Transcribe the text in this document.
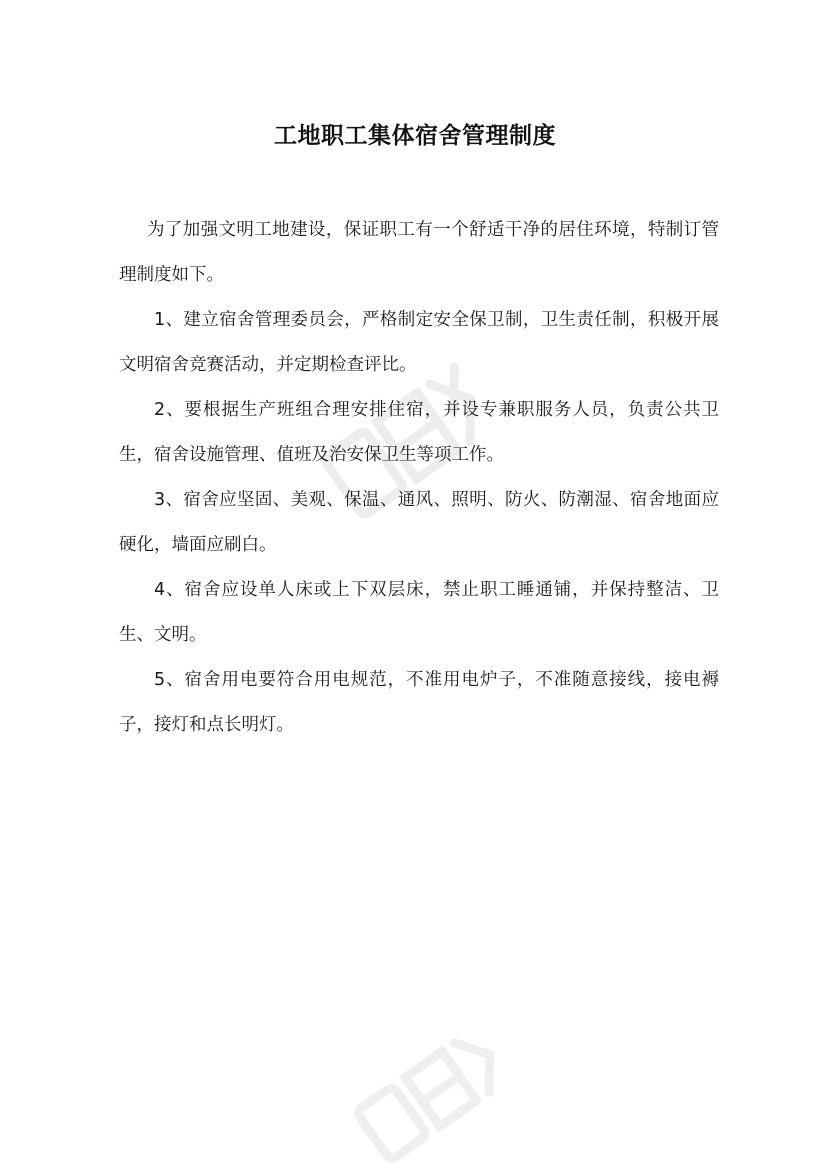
工地职工集体宿舍管理制度

为了加强文明工地建设，保证职工有一个舒适干净的居住环境，特制订管理制度如下。

1、建立宿舍管理委员会，严格制定安全保卫制，卫生责任制，积极开展文明宿舍竞赛活动，并定期检查评比。

2、要根据生产班组合理安排住宿，并设专兼职服务人员，负责公共卫生，宿舍设施管理、值班及治安保卫生等项工作。

3、宿舍应坚固、美观、保温、通风、照明、防火、防潮湿、宿舍地面应硬化，墙面应刷白。

4、宿舍应设单人床或上下双层床，禁止职工睡通铺，并保持整洁、卫生、文明。

5、宿舍用电要符合用电规范，不准用电炉子，不准随意接线，接电褥子，接灯和点长明灯。
